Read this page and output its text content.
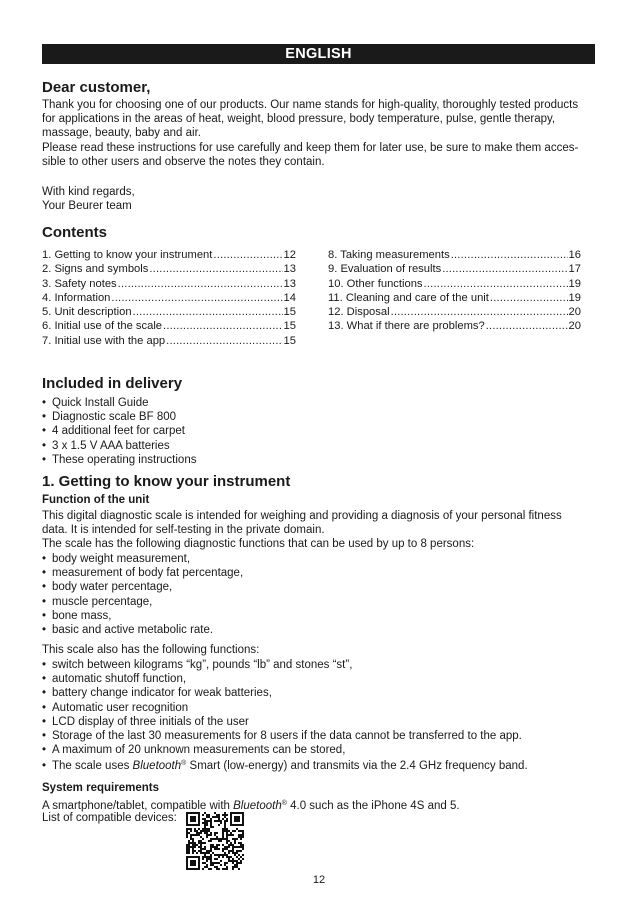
ENGLISH
Dear customer,
Thank you for choosing one of our products. Our name stands for high-quality, thoroughly tested products
for applications in the areas of heat, weight, blood pressure, body temperature, pulse, gentle therapy,
massage, beauty, baby and air.
Please read these instructions for use carefully and keep them for later use, be sure to make them acces-
sible to other users and observe the notes they contain.
With kind regards,
Your Beurer team
Contents
1. Getting to know your instrument .....	12
2. Signs and symbols .....	13
3. Safety notes .....	13
4. Information .....	14
5. Unit description .....	15
6. Initial use of the scale .....	15
7. Initial use with the app .....	15
8. Taking measurements .....	16
9. Evaluation of results .....	17
10. Other functions .....	19
11. Cleaning and care of the unit .....	19
12. Disposal .....	20
13. What if there are problems? .....	20
Included in delivery
• Quick Install Guide
• Diagnostic scale BF 800
• 4 additional feet for carpet
• 3 x 1.5 V AAA batteries
• These operating instructions
1. Getting to know your instrument
Function of the unit
This digital diagnostic scale is intended for weighing and providing a diagnosis of your personal fitness
data. It is intended for self-testing in the private domain.
The scale has the following diagnostic functions that can be used by up to 8 persons:
• body weight measurement,
• measurement of body fat percentage,
• body water percentage,
• muscle percentage,
• bone mass,
• basic and active metabolic rate.
This scale also has the following functions:
• switch between kilograms “kg”, pounds “lb” and stones “st”,
• automatic shutoff function,
• battery change indicator for weak batteries,
• Automatic user recognition
• LCD display of three initials of the user
• Storage of the last 30 measurements for 8 users if the data cannot be transferred to the app.
• A maximum of 20 unknown measurements can be stored,
• The scale uses Bluetooth® Smart (low-energy) and transmits via the 2.4 GHz frequency band.
System requirements
A smartphone/tablet, compatible with Bluetooth® 4.0 such as the iPhone 4S and 5.
List of compatible devices:
12
